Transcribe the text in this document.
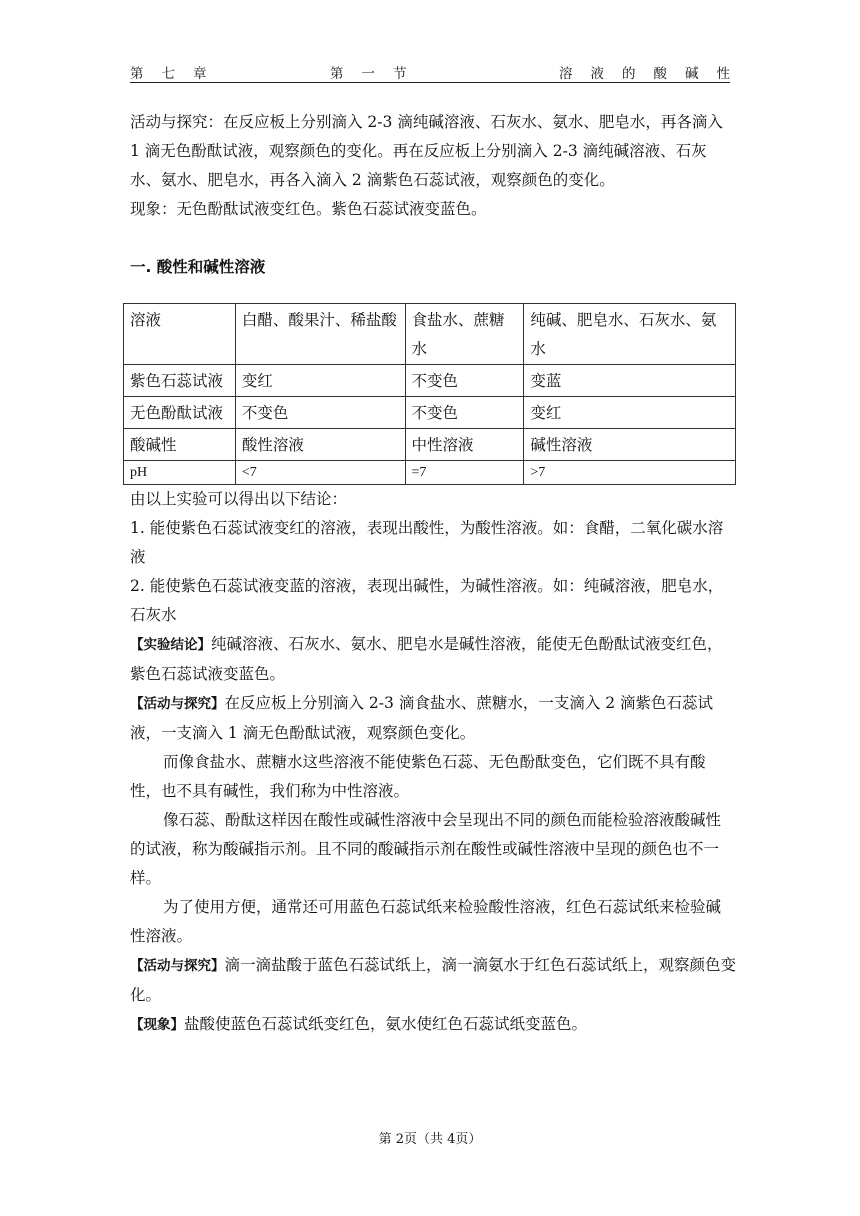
第七章	第一节	溶液的酸碱性

活动与探究：在反应板上分别滴入 2-3 滴纯碱溶液、石灰水、氨水、肥皂水，再各滴入 1 滴无色酚酞试液，观察颜色的变化。再在反应板上分别滴入 2-3 滴纯碱溶液、石灰水、氨水、肥皂水，再各入滴入 2 滴紫色石蕊试液，观察颜色的变化。

现象：无色酚酞试液变红色。紫色石蕊试液变蓝色。

一. 酸性和碱性溶液
溶液	白醋、酸果汁、稀盐酸	食盐水、蔗糖水	纯碱、肥皂水、石灰水、氨水
紫色石蕊试液	变红	不变色	变蓝
无色酚酞试液	不变色	不变色	变红
酸碱性	酸性溶液	中性溶液	碱性溶液
pH	<7	=7	>7

由以上实验可以得出以下结论：

1. 能使紫色石蕊试液变红的溶液，表现出酸性，为酸性溶液。如：食醋，二氧化碳水溶液

2. 能使紫色石蕊试液变蓝的溶液，表现出碱性，为碱性溶液。如：纯碱溶液，肥皂水，石灰水

【实验结论】纯碱溶液、石灰水、氨水、肥皂水是碱性溶液，能使无色酚酞试液变红色，紫色石蕊试液变蓝色。

【活动与探究】在反应板上分别滴入 2-3 滴食盐水、蔗糖水，一支滴入 2 滴紫色石蕊试液，一支滴入 1 滴无色酚酞试液，观察颜色变化。

而像食盐水、蔗糖水这些溶液不能使紫色石蕊、无色酚酞变色，它们既不具有酸性，也不具有碱性，我们称为中性溶液。

像石蕊、酚酞这样因在酸性或碱性溶液中会呈现出不同的颜色而能检验溶液酸碱性的试液，称为酸碱指示剂。且不同的酸碱指示剂在酸性或碱性溶液中呈现的颜色也不一样。

为了使用方便，通常还可用蓝色石蕊试纸来检验酸性溶液，红色石蕊试纸来检验碱性溶液。

【活动与探究】滴一滴盐酸于蓝色石蕊试纸上，滴一滴氨水于红色石蕊试纸上，观察颜色变化。

【现象】盐酸使蓝色石蕊试纸变红色，氨水使红色石蕊试纸变蓝色。

第 2页（共 4页）
